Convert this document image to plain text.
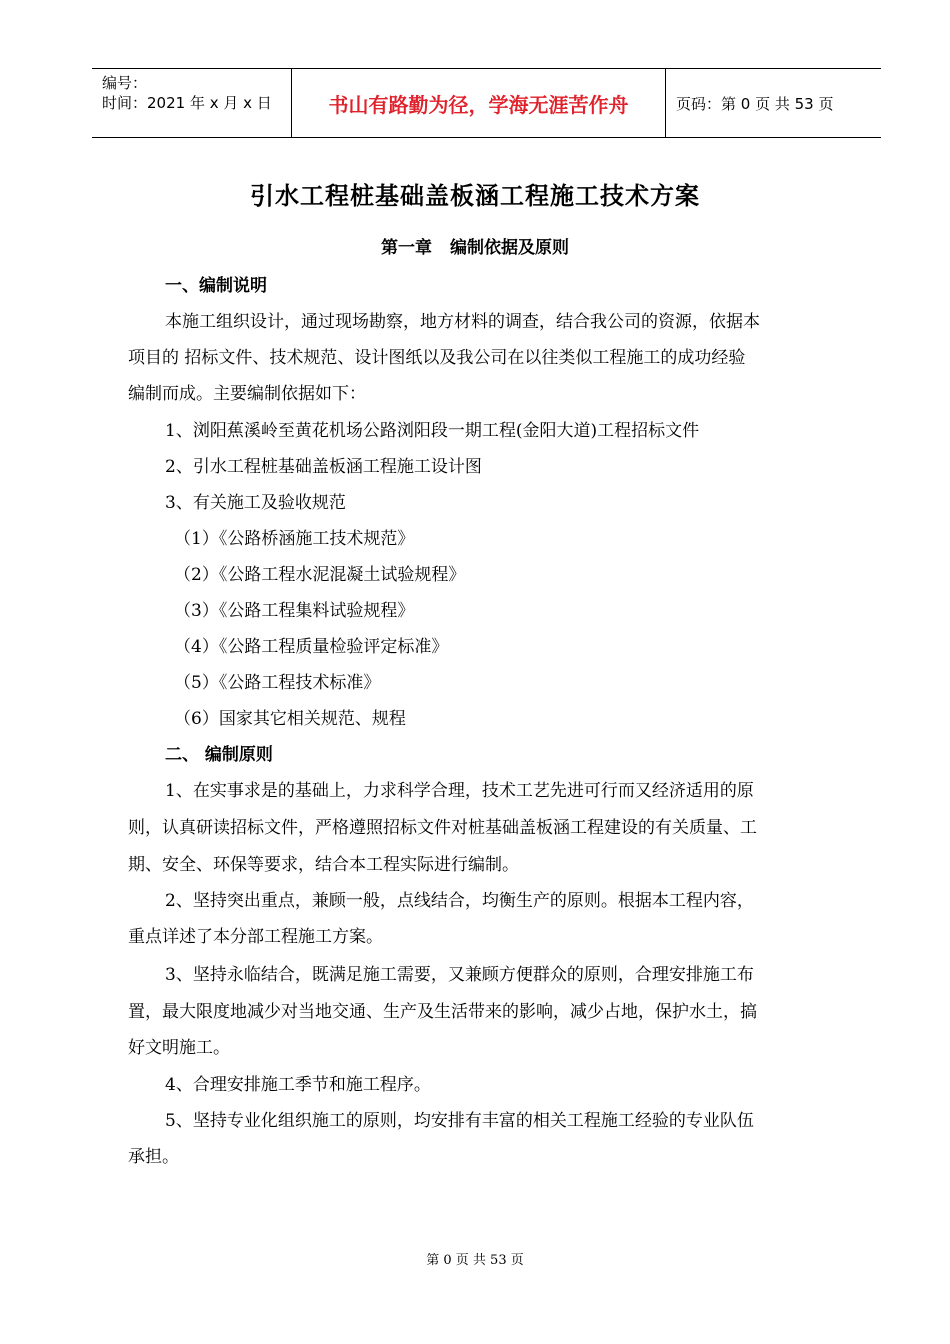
编号：
时间：2021 年 x 月 x 日	书山有路勤为径，学海无涯苦作舟	页码：第 0 页 共 53 页
引水工程桩基础盖板涵工程施工技术方案
第一章 编制依据及原则
一、编制说明
本施工组织设计，通过现场勘察，地方材料的调查，结合我公司的资源，依据本
项目的 招标文件、技术规范、设计图纸以及我公司在以往类似工程施工的成功经验
编制而成。主要编制依据如下：
1、浏阳蕉溪岭至黄花机场公路浏阳段一期工程(金阳大道)工程招标文件
2、引水工程桩基础盖板涵工程施工设计图
3、有关施工及验收规范
（1）《公路桥涵施工技术规范》
（2）《公路工程水泥混凝土试验规程》
（3）《公路工程集料试验规程》
（4）《公路工程质量检验评定标准》
（5）《公路工程技术标准》
（6）国家其它相关规范、规程
二、 编制原则
1、在实事求是的基础上，力求科学合理，技术工艺先进可行而又经济适用的原
则，认真研读招标文件，严格遵照招标文件对桩基础盖板涵工程建设的有关质量、工
期、安全、环保等要求，结合本工程实际进行编制。
2、坚持突出重点，兼顾一般，点线结合，均衡生产的原则。根据本工程内容，
重点详述了本分部工程施工方案。
3、坚持永临结合，既满足施工需要，又兼顾方便群众的原则，合理安排施工布
置，最大限度地减少对当地交通、生产及生活带来的影响，减少占地，保护水土，搞
好文明施工。
4、合理安排施工季节和施工程序。
5、坚持专业化组织施工的原则，均安排有丰富的相关工程施工经验的专业队伍
承担。
第 0 页 共 53 页
